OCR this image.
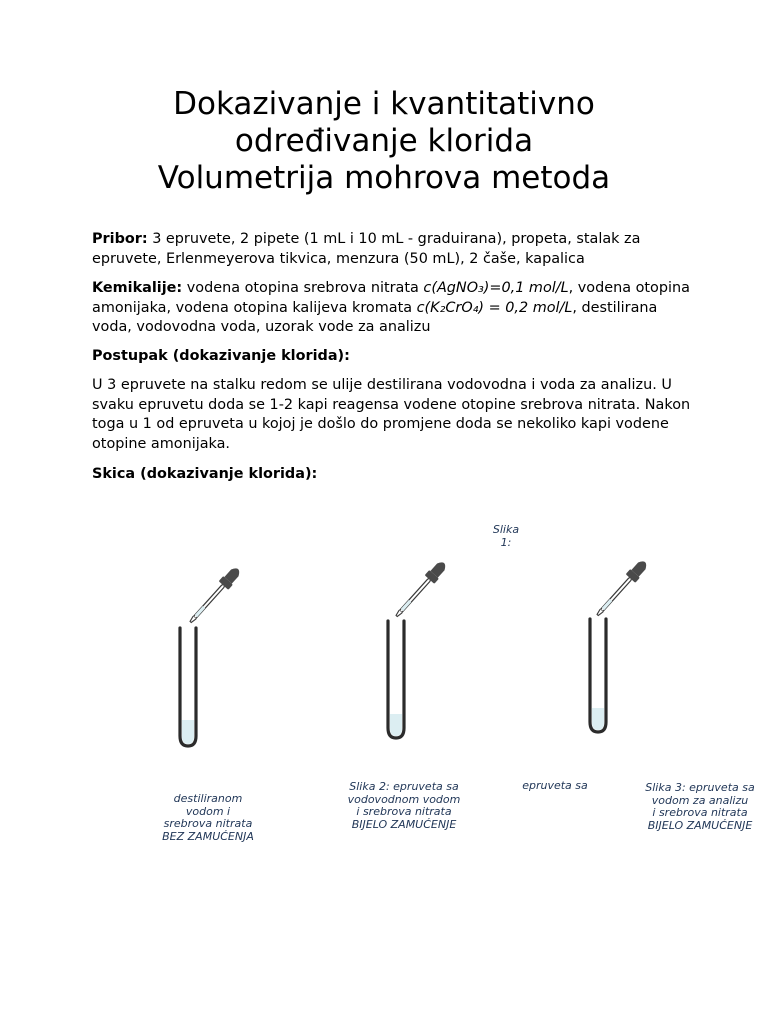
Dokazivanje i kvantitativno
određivanje klorida
Volumetrija mohrova metoda
Pribor: 3 epruvete, 2 pipete (1 mL i 10 mL - graduirana), propeta, stalak za epruvete, Erlenmeyerova tikvica, menzura (50 mL), 2 čaše, kapalica
Kemikalije: vodena otopina srebrova nitrata c(AgNO₃)=0,1 mol/L, vodena otopina amonijaka, vodena otopina kalijeva kromata c(K₂CrO₄) = 0,2 mol/L, destilirana voda, vodovodna voda, uzorak vode za analizu
Postupak (dokazivanje klorida):
U 3 epruvete na stalku redom se ulije destilirana vodovodna i voda za analizu. U svaku epruvetu doda se 1-2 kapi reagensa vodene otopine srebrova nitrata. Nakon toga u 1 od epruveta u kojoj je došlo do promjene doda se nekoliko kapi vodene otopine amonijaka.
Skica (dokazivanje klorida):
Slika
1:
destiliranom
vodom i
srebrova nitrata
BEZ ZAMUĆENJA
Slika 2: epruveta sa
vodovodnom vodom
i srebrova nitrata
BIJELO ZAMUĆENJE
epruveta sa	Slika 3: epruveta sa
vodom za analizu
i srebrova nitrata
BIJELO ZAMUĆENJE
